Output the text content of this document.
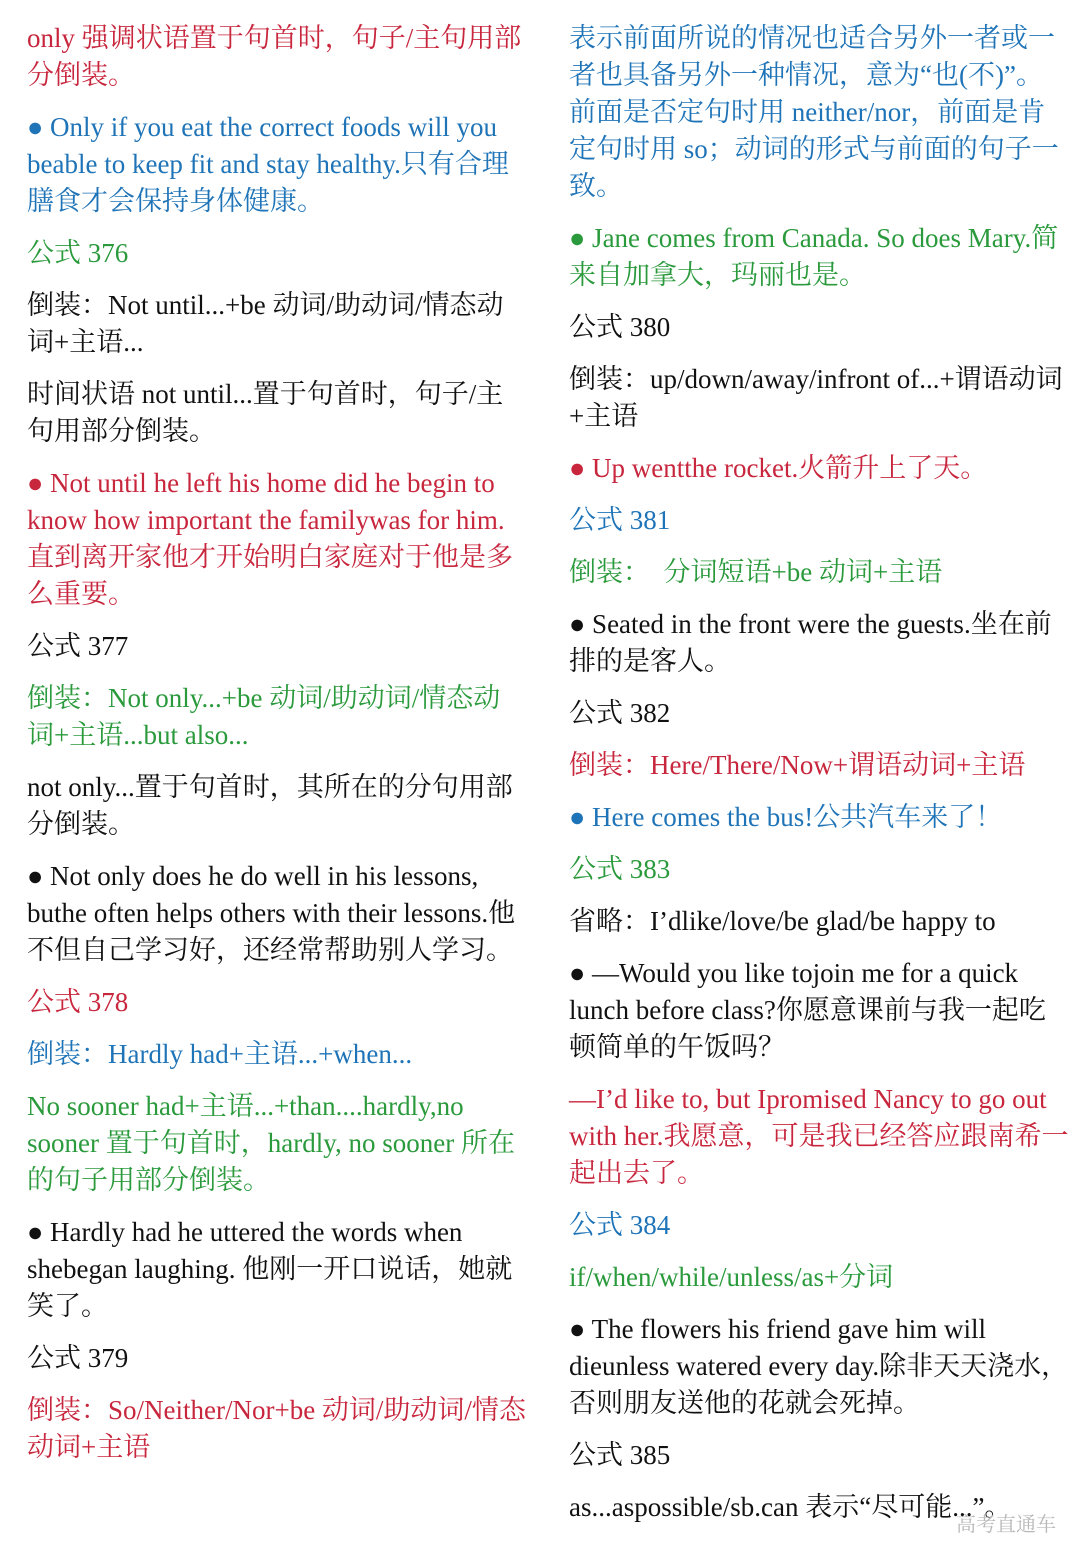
only 强调状语置于句首时，句子/主句用部分倒装。
● Only if you eat the correct foods will you beable to keep fit and stay healthy.只有合理膳食才会保持身体健康。
公式 376
倒装：Not until...+be 动词/助动词/情态动词+主语...
时间状语 not until...置于句首时，句子/主句用部分倒装。
● Not until he left his home did he begin to know how important the familywas for him.直到离开家他才开始明白家庭对于他是多么重要。
公式 377
倒装：Not only...+be 动词/助动词/情态动词+主语...but also...
not only...置于句首时，其所在的分句用部分倒装。
● Not only does he do well in his lessons, buthe often helps others with their lessons.他不但自己学习好，还经常帮助别人学习。
公式 378
倒装：Hardly had+主语...+when...
No sooner had+主语...+than....hardly,no sooner 置于句首时，hardly, no sooner 所在的句子用部分倒装。
● Hardly had he uttered the words when shebegan laughing. 他刚一开口说话，她就笑了。
公式 379
倒装：So/Neither/Nor+be 动词/助动词/情态动词+主语
表示前面所说的情况也适合另外一者或一者也具备另外一种情况，意为“也(不)”。前面是否定句时用 neither/nor，前面是肯定句时用 so；动词的形式与前面的句子一致。
● Jane comes from Canada. So does Mary.简来自加拿大，玛丽也是。
公式 380
倒装：up/down/away/infront of...+谓语动词+主语
● Up wentthe rocket.火箭升上了天。
公式 381
倒装：　分词短语+be 动词+主语
● Seated in the front were the guests.坐在前排的是客人。
公式 382
倒装：Here/There/Now+谓语动词+主语
● Here comes the bus!公共汽车来了！
公式 383
省略：I’dlike/love/be glad/be happy to
● —Would you like tojoin me for a quick lunch before class?你愿意课前与我一起吃顿简单的午饭吗？
—I’d like to, but Ipromised Nancy to go out with her.我愿意，可是我已经答应跟南希一起出去了。
公式 384
if/when/while/unless/as+分词
● The flowers his friend gave him will dieunless watered every day.除非天天浇水，否则朋友送他的花就会死掉。
公式 385
as...aspossible/sb.can 表示“尽可能...”。
高考直通车
